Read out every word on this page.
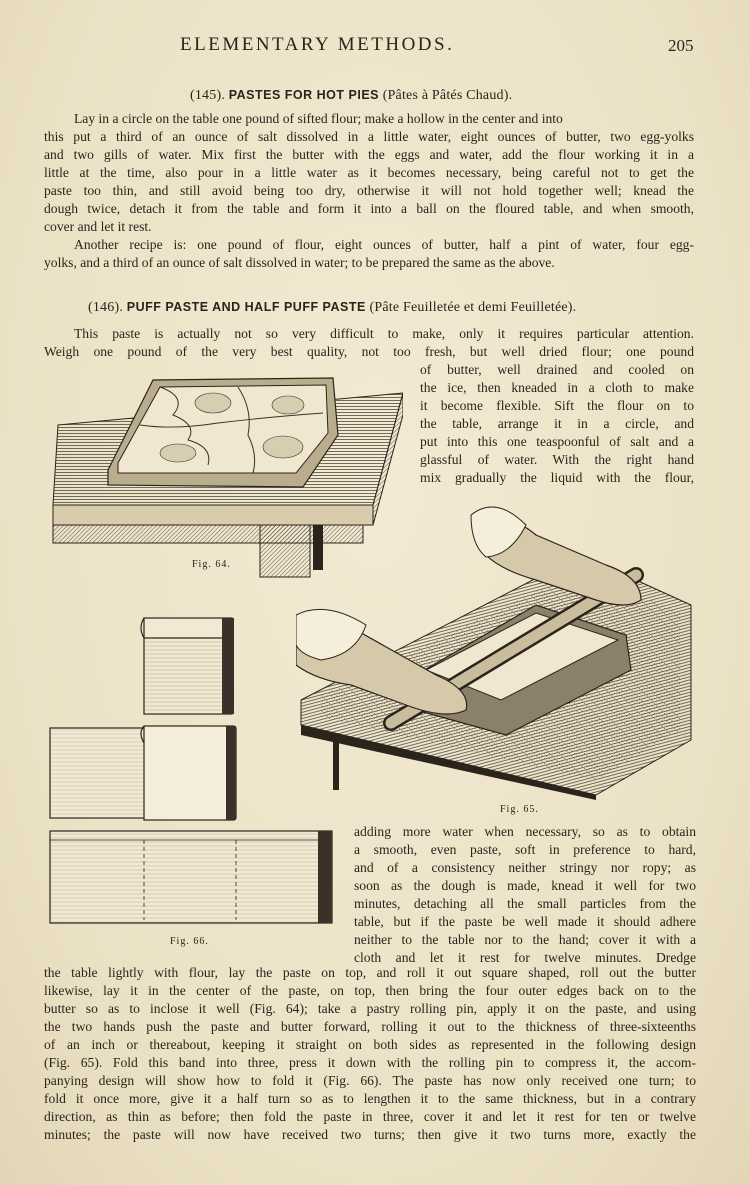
ELEMENTARY METHODS.	205
(145). PASTES FOR HOT PIES (Pâtes à Pâtés Chaud).
Lay in a circle on the table one pound of sifted flour; make a hollow in the center and into
this put a third of an ounce of salt dissolved in a little water, eight ounces of butter, two egg-yolks
and two gills of water. Mix first the butter with the eggs and water, add the flour working it in a
little at the time, also pour in a little water as it becomes necessary, being careful not to get the
paste too thin, and still avoid being too dry, otherwise it will not hold together well; knead the
dough twice, detach it from the table and form it into a ball on the floured table, and when smooth,
cover and let it rest.
Another recipe is: one pound of flour, eight ounces of butter, half a pint of water, four egg-
yolks, and a third of an ounce of salt dissolved in water; to be prepared the same as the above.
(146). PUFF PASTE AND HALF PUFF PASTE (Pâte Feuilletée et demi Feuilletée).
This paste is actually not so very difficult to make, only it requires particular attention.
Weigh one pound of the very best quality, not too fresh, but well dried flour; one pound
of butter, well drained and cooled on
the ice, then kneaded in a cloth to make
it become flexible. Sift the flour on to
the table, arrange it in a circle, and
put into this one teaspoonful of salt and a
glassful of water. With the right hand
mix gradually the liquid with the flour,
Fig. 64.
Fig. 65.
Fig. 66.
adding more water when necessary, so as to obtain
a smooth, even paste, soft in preference to hard,
and of a consistency neither stringy nor ropy; as
soon as the dough is made, knead it well for two
minutes, detaching all the small particles from the
table, but if the paste be well made it should adhere
neither to the table nor to the hand; cover it with a
cloth and let it rest for twelve minutes. Dredge
the table lightly with flour, lay the paste on top, and roll it out square shaped, roll out the butter
likewise, lay it in the center of the paste, on top, then bring the four outer edges back on to the
butter so as to inclose it well (Fig. 64); take a pastry rolling pin, apply it on the paste, and using
the two hands push the paste and butter forward, rolling it out to the thickness of three-sixteenths
of an inch or thereabout, keeping it straight on both sides as represented in the following design
(Fig. 65). Fold this band into three, press it down with the rolling pin to compress it, the accom-
panying design will show how to fold it (Fig. 66). The paste has now only received one turn; to
fold it once more, give it a half turn so as to lengthen it to the same thickness, but in a contrary
direction, as thin as before; then fold the paste in three, cover it and let it rest for ten or twelve
minutes; the paste will now have received two turns; then give it two turns more, exactly the
